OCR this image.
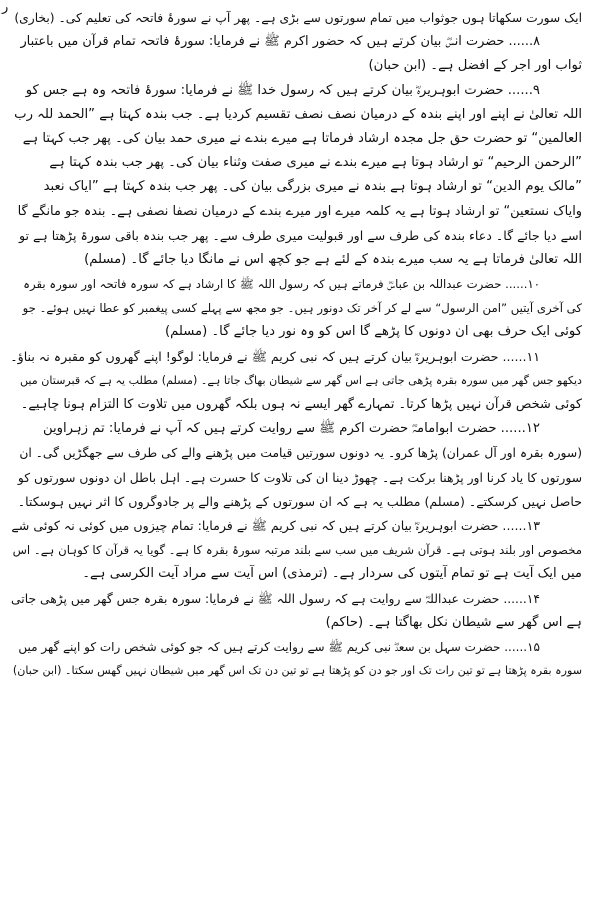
ر
ایک سورت سکھاتا ہوں جوثواب میں تمام سورتوں سے بڑی ہے۔ پھر آپ نے سورۂ فاتحہ کی تعلیم کی۔ (بخاری)
۸...... حضرت انسؓ بیان کرتے ہیں کہ حضور اکرم ﷺ نے فرمایا: سورۂ فاتحہ تمام قرآن میں باعتبار
ثواب اور اجر کے افضل ہے۔ (ابن حبان)
۹...... حضرت ابوہریرہؓ بیان کرتے ہیں کہ رسول خدا ﷺ نے فرمایا: سورۂ فاتحہ وہ ہے جس کو
اللہ تعالیٰ نے اپنے اور اپنے بندہ کے درمیان نصف نصف تقسیم کردیا ہے۔ جب بندہ کہتا ہے ”الحمد للہ رب
العالمین“ تو حضرت حق جل مجدہ ارشاد فرماتا ہے میرے بندے نے میری حمد بیان کی۔ پھر جب کہتا ہے
”الرحمن الرحیم“ تو ارشاد ہوتا ہے میرے بندے نے میری صفت وثناء بیان کی۔ پھر جب بندہ کہتا ہے
”مالک یوم الدین“ تو ارشاد ہوتا ہے بندہ نے میری بزرگی بیان کی۔ پھر جب بندہ کہتا ہے ”ایاک نعبد
وایاک نستعین“ تو ارشاد ہوتا ہے یہ کلمہ میرے اور میرے بندے کے درمیان نصفا نصفی ہے۔ بندہ جو مانگے گا
اسے دیا جائے گا۔ دعاء بندہ کی طرف سے اور قبولیت میری طرف سے۔ پھر جب بندہ باقی سورۃ پڑھتا ہے تو
اللہ تعالیٰ فرماتا ہے یہ سب میرے بندہ کے لئے ہے جو کچھ اس نے مانگا دیا جائے گا۔ (مسلم)
۱۰...... حضرت عبداللہ بن عباسؓ فرماتے ہیں کہ رسول اللہ ﷺ کا ارشاد ہے کہ سورہ فاتحہ اور سورہ بقرہ
کی آخری آیتیں ”امن الرسول“ سے لے کر آخر تک دونور ہیں۔ جو مجھ سے پہلے کسی پیغمبر کو عطا نہیں ہوئے۔ جو
کوئی ایک حرف بھی ان دونوں کا پڑھے گا اس کو وہ نور دیا جائے گا۔ (مسلم)
۱۱...... حضرت ابوہریرہؓ بیان کرتے ہیں کہ نبی کریم ﷺ نے فرمایا: لوگو! اپنے گھروں کو مقبرہ نہ بناؤ۔
دیکھو جس گھر میں سورہ بقرہ پڑھی جاتی ہے اس گھر سے شیطان بھاگ جاتا ہے۔ (مسلم) مطلب یہ ہے کہ قبرستان میں
کوئی شخص قرآن نہیں پڑھا کرتا۔ تمہارے گھر ایسے نہ ہوں بلکہ گھروں میں تلاوت کا التزام ہونا چاہیے۔
۱۲...... حضرت ابوامامہؓ حضرت اکرم ﷺ سے روایت کرتے ہیں کہ آپ نے فرمایا: تم زہراوین
(سورہ بقرہ اور آل عمران) پڑھا کرو۔ یہ دونوں سورتیں قیامت میں پڑھنے والے کی طرف سے جھگڑیں گی۔ ان
سورتوں کا یاد کرنا اور پڑھنا برکت ہے۔ چھوڑ دینا ان کی تلاوت کا حسرت ہے۔ اہل باطل ان دونوں سورتوں کو
حاصل نہیں کرسکتے۔ (مسلم) مطلب یہ ہے کہ ان سورتوں کے پڑھنے والے پر جادوگروں کا اثر نہیں ہوسکتا۔
۱۳...... حضرت ابوہریرہؓ بیان کرتے ہیں کہ نبی کریم ﷺ نے فرمایا: تمام چیزوں میں کوئی نہ کوئی شے
مخصوص اور بلند ہوتی ہے۔ قرآن شریف میں سب سے بلند مرتبہ سورۂ بقرہ کا ہے۔ گویا یہ قرآن کا کوہان ہے۔ اس
میں ایک آیت ہے تو تمام آیتوں کی سردار ہے۔ (ترمذی) اس آیت سے مراد آیت الکرسی ہے۔
۱۴...... حضرت عبداللہؓ سے روایت ہے کہ رسول اللہ ﷺ نے فرمایا: سورہ بقرہ جس گھر میں پڑھی جاتی
ہے اس گھر سے شیطان نکل بھاگتا ہے۔ (حاکم)
۱۵...... حضرت سہل بن سعدؓ نبی کریم ﷺ سے روایت کرتے ہیں کہ جو کوئی شخص رات کو اپنے گھر میں
سورہ بقرہ پڑھتا ہے تو تین رات تک اور جو دن کو پڑھتا ہے تو تین دن تک اس گھر میں شیطان نہیں گھس سکتا۔ (ابن حبان)
